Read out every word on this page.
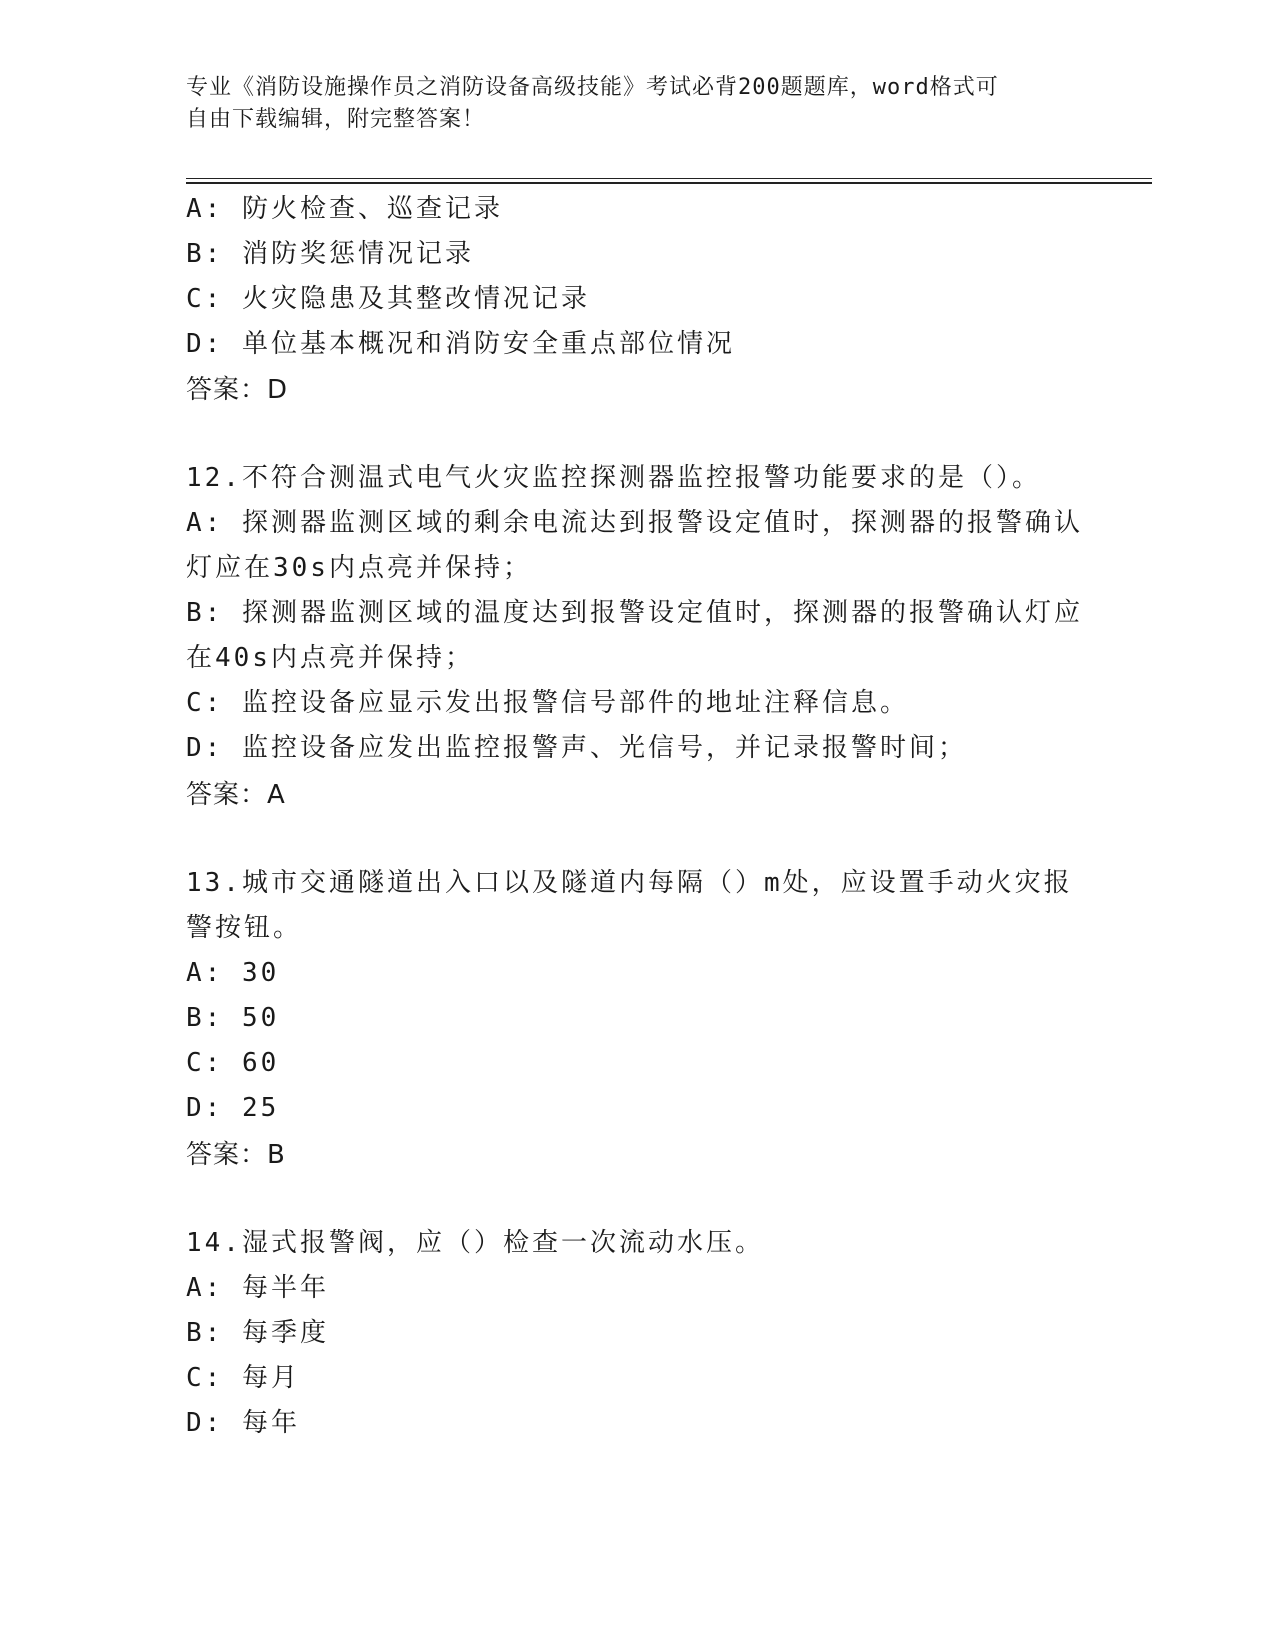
专业《消防设施操作员之消防设备高级技能》考试必背200题题库，word格式可
自由下载编辑，附完整答案！
A: 防火检查、巡查记录
B: 消防奖惩情况记录
C: 火灾隐患及其整改情况记录
D: 单位基本概况和消防安全重点部位情况
答案：D
12.不符合测温式电气火灾监控探测器监控报警功能要求的是（）。
A: 探测器监测区域的剩余电流达到报警设定值时，探测器的报警确认
灯应在30s内点亮并保持；
B: 探测器监测区域的温度达到报警设定值时，探测器的报警确认灯应
在40s内点亮并保持；
C: 监控设备应显示发出报警信号部件的地址注释信息。
D: 监控设备应发出监控报警声、光信号，并记录报警时间；
答案：A
13.城市交通隧道出入口以及隧道内每隔（）m处，应设置手动火灾报
警按钮。
A: 30
B: 50
C: 60
D: 25
答案：B
14.湿式报警阀，应（）检查一次流动水压。
A: 每半年
B: 每季度
C: 每月
D: 每年
